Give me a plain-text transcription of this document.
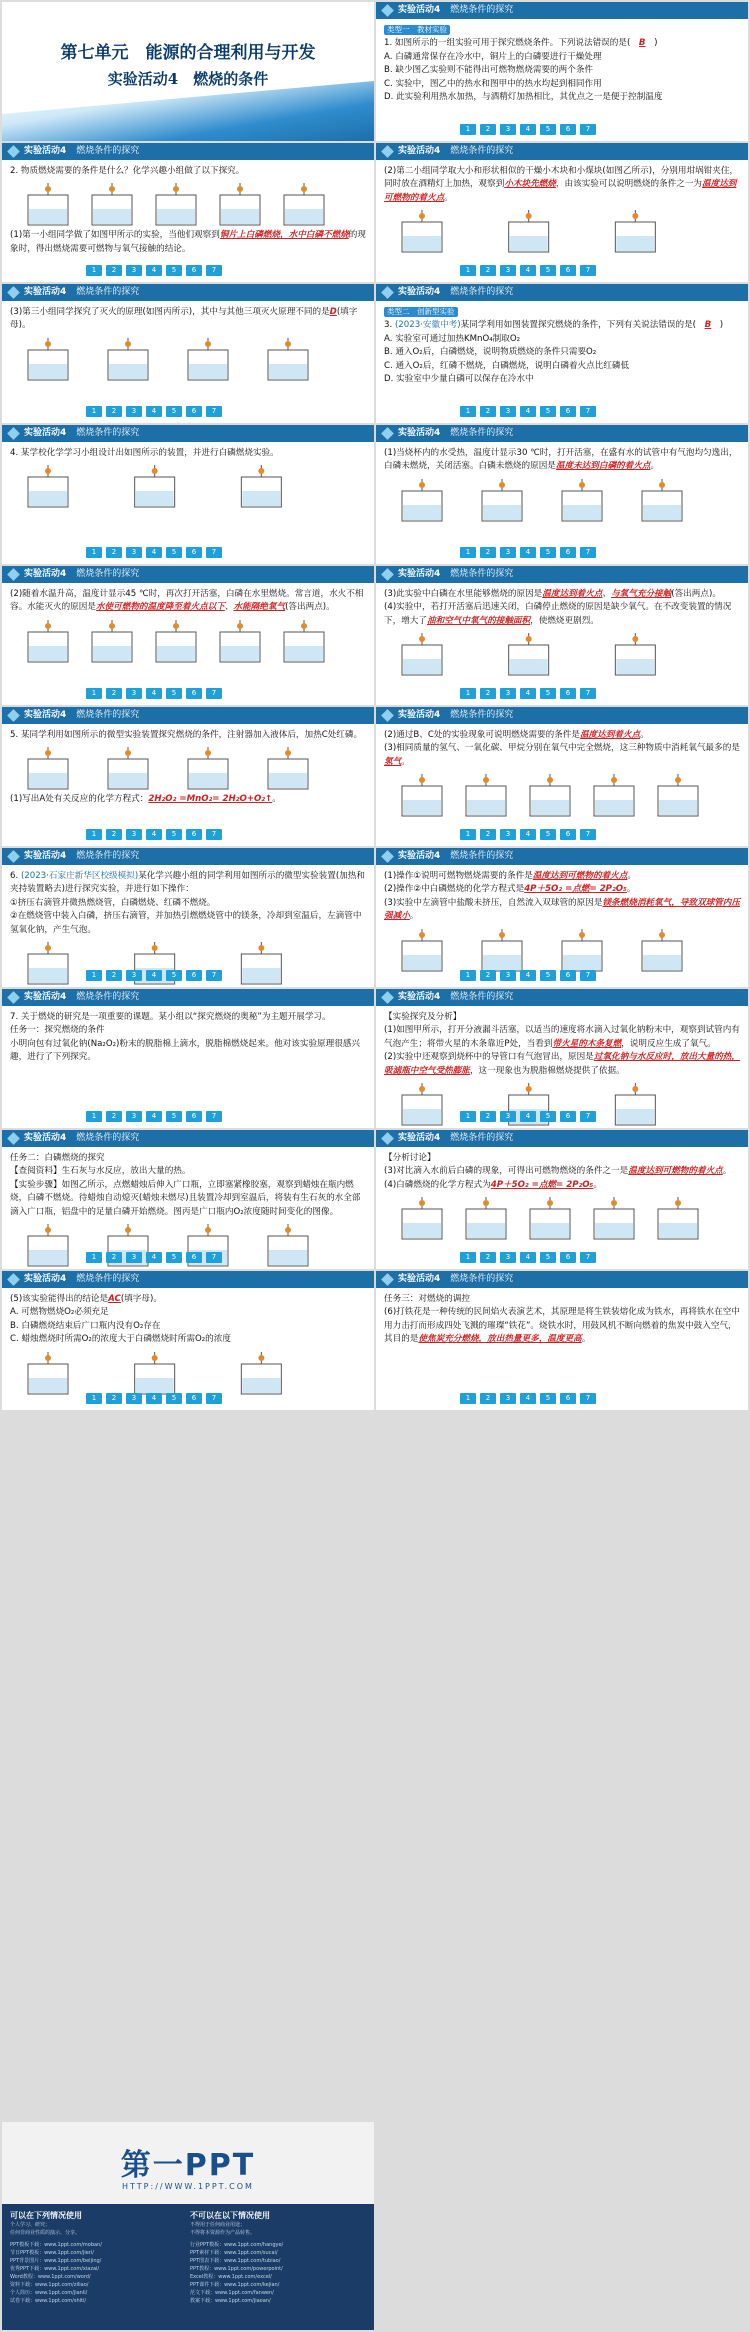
第七单元　能源的合理利用与开发
实验活动4　燃烧的条件
实验活动4 燃烧条件的探究

类型一　教材实验

1. 如图所示的一组实验可用于探究燃烧条件。下列说法错误的是(　B　)

A. 白磷通常保存在冷水中，铜片上的白磷要进行干燥处理

B. 缺少图乙实验则不能得出可燃物燃烧需要的两个条件

C. 实验中，图乙中的热水和图甲中的热水均起到相同作用

D. 此实验利用热水加热，与酒精灯加热相比，其优点之一是便于控制温度

1	2	3	4	5	6	7
实验活动4 燃烧条件的探究

2. 物质燃烧需要的条件是什么？化学兴趣小组做了以下探究。

(1)第一小组同学做了如图甲所示的实验，当他们观察到铜片上白磷燃烧，水中白磷不燃烧的现象时，得出燃烧需要可燃物与氧气接触的结论。

1	2	3	4	5	6	7
实验活动4 燃烧条件的探究

(2)第二小组同学取大小和形状相似的干燥小木块和小煤块(如图乙所示)，分别用坩埚钳夹住，同时放在酒精灯上加热，观察到小木块先燃烧，由该实验可以说明燃烧的条件之一为温度达到可燃物的着火点。

1	2	3	4	5	6	7
实验活动4 燃烧条件的探究

(3)第三小组同学探究了灭火的原理(如图丙所示)，其中与其他三项灭火原理不同的是D(填字母)。

1	2	3	4	5	6	7
实验活动4 燃烧条件的探究

类型二　创新型实验

3. (2023·安徽中考)某同学利用如图装置探究燃烧的条件，下列有关说法错误的是(　B　)

A. 实验室可通过加热KMnO₄制取O₂

B. 通入O₂后，白磷燃烧，说明物质燃烧的条件只需要O₂

C. 通入O₂后，红磷不燃烧，白磷燃烧，说明白磷着火点比红磷低

D. 实验室中少量白磷可以保存在冷水中

1	2	3	4	5	6	7
实验活动4 燃烧条件的探究

4. 某学校化学学习小组设计出如图所示的装置，并进行白磷燃烧实验。

1	2	3	4	5	6	7
实验活动4 燃烧条件的探究

(1)当烧杯内的水受热，温度计显示30 ℃时，打开活塞，在盛有水的试管中有气泡均匀逸出，白磷未燃烧，关闭活塞。白磷未燃烧的原因是温度未达到白磷的着火点。

1	2	3	4	5	6	7
实验活动4 燃烧条件的探究

(2)随着水温升高，温度计显示45 ℃时，再次打开活塞，白磷在水里燃烧。常言道，水火不相容。水能灭火的原因是水使可燃物的温度降至着火点以下、水能隔绝氧气(答出两点)。

1	2	3	4	5	6	7
实验活动4 燃烧条件的探究

(3)此实验中白磷在水里能够燃烧的原因是温度达到着火点、与氧气充分接触(答出两点)。

(4)实验中，若打开活塞后迅速关闭，白磷停止燃烧的原因是缺少氧气。在不改变装置的情况下，增大了油和空气中氧气的接触面积，使燃烧更剧烈。

1	2	3	4	5	6	7
实验活动4 燃烧条件的探究

5. 某同学利用如图所示的微型实验装置探究燃烧的条件，注射器加入液体后，加热C处红磷。

(1)写出A处有关反应的化学方程式：2H₂O₂ =MnO₂= 2H₂O+O₂↑。

1	2	3	4	5	6	7
实验活动4 燃烧条件的探究

(2)通过B、C处的实验现象可说明燃烧需要的条件是温度达到着火点。

(3)相同质量的氢气、一氧化碳、甲烷分别在氧气中完全燃烧，这三种物质中消耗氧气最多的是氢气。

1	2	3	4	5	6	7
实验活动4 燃烧条件的探究

6. (2023·石家庄新华区校级模拟)某化学兴趣小组的同学利用如图所示的微型实验装置(加热和夹持装置略去)进行探究实验，并进行如下操作：

①挤压右滴管并微热燃烧管，白磷燃烧、红磷不燃烧。

②在燃烧管中装入白磷，挤压右滴管，并加热引燃燃烧管中的镁条，冷却到室温后，左滴管中氢氧化钠，产生气泡。

1	2	3	4	5	6	7
实验活动4 燃烧条件的探究

(1)操作①说明可燃物燃烧需要的条件是温度达到可燃物的着火点。

(2)操作②中白磷燃烧的化学方程式是4P＋5O₂ =点燃= 2P₂O₅。

(3)实验中左滴管中盐酸未挤压，自然流入双球管的原因是镁条燃烧消耗氧气，导致双球管内压强减小。

1	2	3	4	5	6	7
实验活动4 燃烧条件的探究

7. 关于燃烧的研究是一项重要的课题。某小组以“探究燃烧的奥秘”为主题开展学习。

任务一：探究燃烧的条件

小明向包有过氧化钠(Na₂O₂)粉末的脱脂棉上滴水，脱脂棉燃烧起来。他对该实验原理很感兴趣，进行了下列探究。

1	2	3	4	5	6	7
实验活动4 燃烧条件的探究

【实验探究及分析】

(1)如图甲所示，打开分液漏斗活塞，以适当的速度将水滴入过氧化钠粉末中，观察到试管内有气泡产生；将带火星的木条靠近P处，当看到带火星的木条复燃，说明反应生成了氧气。

(2)实验中还观察到烧杯中的导管口有气泡冒出，原因是过氧化钠与水反应时，放出大量的热，吸滤瓶中空气受热膨胀，这一现象也为脱脂棉燃烧提供了依据。

1	2	3	4	5	6	7
实验活动4 燃烧条件的探究

任务二：白磷燃烧的探究

【查阅资料】生石灰与水反应，放出大量的热。

【实验步骤】如图乙所示，点燃蜡烛后伸入广口瓶，立即塞紧橡胶塞，观察到蜡烛在瓶内燃烧，白磷不燃烧。待蜡烛自动熄灭(蜡烛未燃尽)且装置冷却到室温后，将装有生石灰的水全部滴入广口瓶，铝盘中的足量白磷开始燃烧。图丙是广口瓶内O₂浓度随时间变化的图像。

1	2	3	4	5	6	7
实验活动4 燃烧条件的探究

【分析讨论】

(3)对比滴入水前后白磷的现象，可得出可燃物燃烧的条件之一是温度达到可燃物的着火点。

(4)白磷燃烧的化学方程式为4P＋5O₂ =点燃= 2P₂O₅。

1	2	3	4	5	6	7
实验活动4 燃烧条件的探究

(5)该实验能得出的结论是AC(填字母)。

A. 可燃物燃烧O₂必须充足

B. 白磷燃烧结束后广口瓶内没有O₂存在

C. 蜡烛燃烧时所需O₂的浓度大于白磷燃烧时所需O₂的浓度

1	2	3	4	5	6	7
实验活动4 燃烧条件的探究

任务三：对燃烧的调控

(6)打铁花是一种传统的民间焰火表演艺术，其原理是将生铁装熔化成为铁水，再将铁水在空中用力击打而形成四处飞溅的璀璨“铁花”。烧铁水时，用鼓风机不断向燃着的焦炭中鼓入空气，其目的是使焦炭充分燃烧，放出热量更多，温度更高。

1	2	3	4	5	6	7
第一PPT
HTTP://WWW.1PPT.COM
可以在下列情况使用
个人学习、研究；
任何非商业性质的演示、分享。
PPT模板下载：www.1ppt.com/moban/
节日PPT模板：www.1ppt.com/jieri/
PPT背景图片：www.1ppt.com/beijing/
优秀PPT下载：www.1ppt.com/xiazai/
Word教程：www.1ppt.com/word/
资料下载：www.1ppt.com/ziliao/
个人简历：www.1ppt.com/jianli/
试卷下载：www.1ppt.com/shiti/
不可以在以下情况使用
不得用于任何商业用途；
不得将本资源作为产品转售。
行业PPT模板：www.1ppt.com/hangye/
PPT素材下载：www.1ppt.com/sucai/
PPT图表下载：www.1ppt.com/tubiao/
PPT教程：www.1ppt.com/powerpoint/
Excel教程：www.1ppt.com/excel/
PPT课件下载：www.1ppt.com/kejian/
范文下载：www.1ppt.com/fanwen/
教案下载：www.1ppt.com/jiaoan/
